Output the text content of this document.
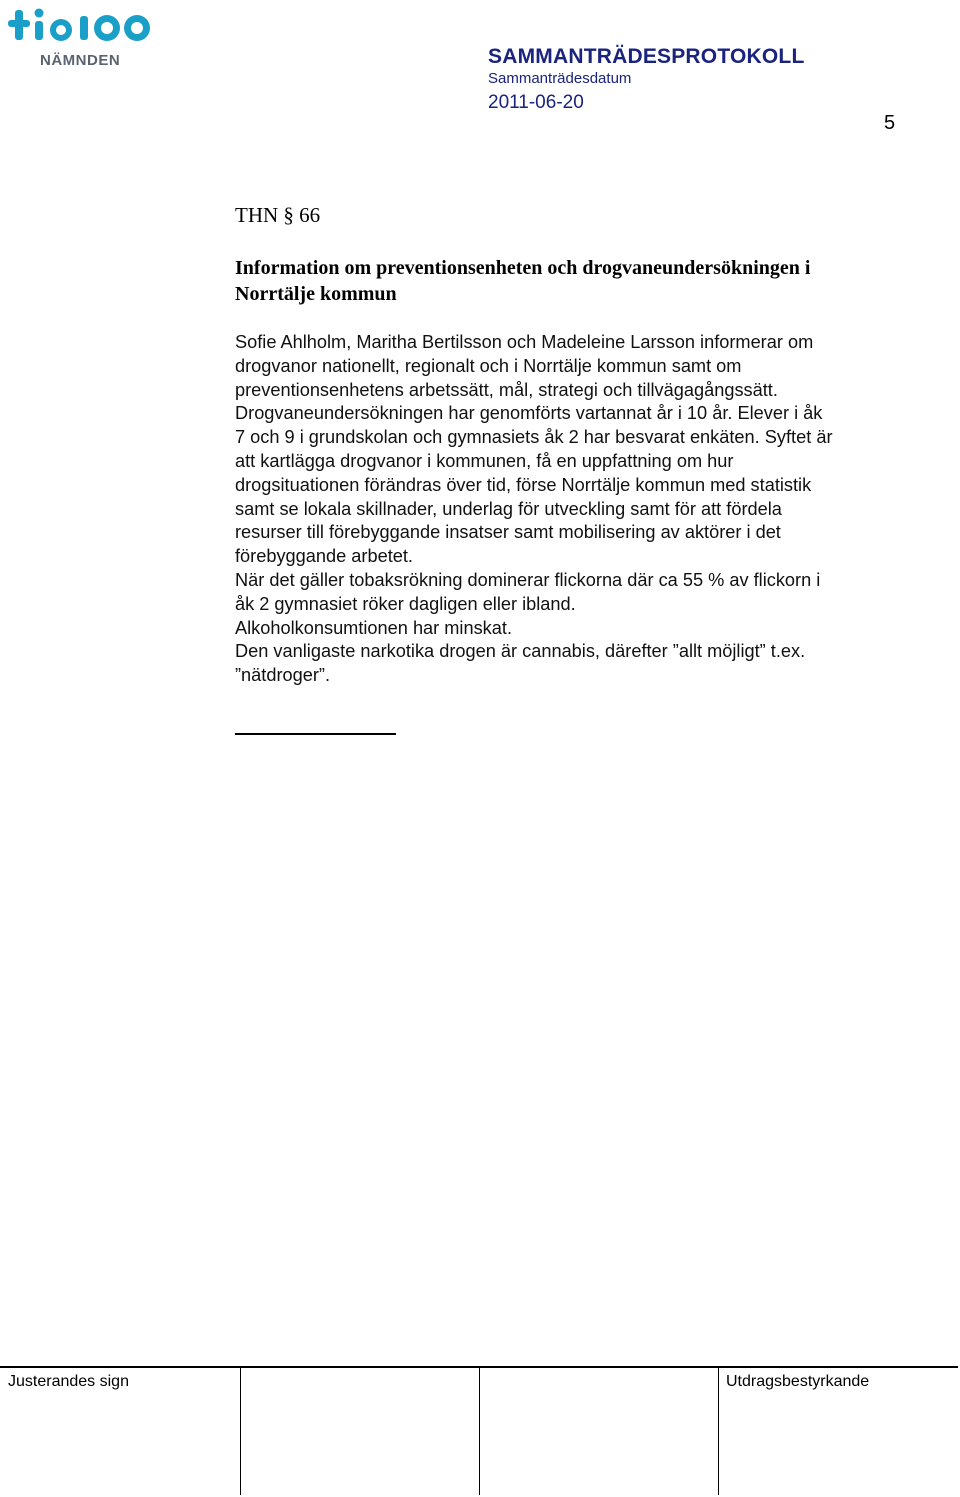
NÄMNDEN	SAMMANTRÄDESPROTOKOLL
Sammanträdesdatum
2011-06-20
5
THN § 66
Information om preventionsenheten och drogvaneundersökningen i
Norrtälje kommun
Sofie Ahlholm, Maritha Bertilsson och Madeleine Larsson informerar om
drogvanor nationellt, regionalt och i Norrtälje kommun samt om
preventionsenhetens arbetssätt, mål, strategi och tillvägagångssätt.
Drogvaneundersökningen har genomförts vartannat år i 10 år. Elever i åk
7 och 9 i grundskolan och gymnasiets åk 2 har besvarat enkäten. Syftet är
att kartlägga drogvanor i kommunen, få en uppfattning om hur
drogsituationen förändras över tid, förse Norrtälje kommun med statistik
samt se lokala skillnader, underlag för utveckling samt för att fördela
resurser till förebyggande insatser samt mobilisering av aktörer i det
förebyggande arbetet.
När det gäller tobaksrökning dominerar flickorna där ca 55 % av flickorn i
åk 2 gymnasiet röker dagligen eller ibland.
Alkoholkonsumtionen har minskat.
Den vanligaste narkotika drogen är cannabis, därefter ”allt möjligt” t.ex.
”nätdroger”.
Justerandes sign	Utdragsbestyrkande
